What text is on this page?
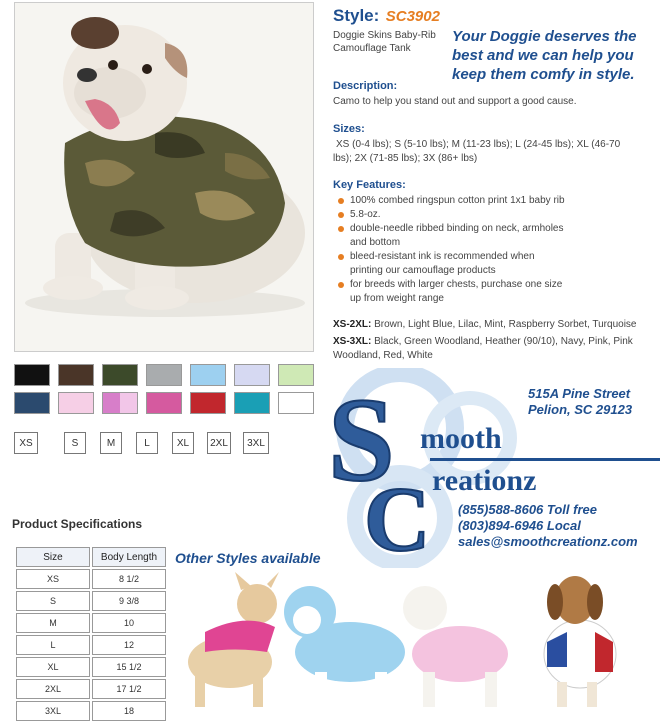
XS	S	M	L	XL	2XL	3XL
Style: SC3902
Doggie Skins Baby-Rib
Camouflage Tank
Your Doggie deserves the
best and we can help you
keep them comfy in style.
Description:
Camo to help you stand out and support a good cause.
Sizes:
XS (0-4 lbs); S (5-10 lbs); M (11-23 lbs); L (24-45 lbs); XL (46-70
lbs); 2X (71-85 lbs); 3X (86+ lbs)
Key Features:
100% combed ringspun cotton print 1x1 baby rib
5.8-oz.
double-needle ribbed binding on neck, armholes
and bottom
bleed-resistant ink is recommended when
printing our camouflage products
for breeds with larger chests, purchase one size
up from weight range
XS-2XL: Brown, Light Blue, Lilac, Mint, Raspberry Sorbet, Turquoise
XS-3XL: Black, Green Woodland, Heather (90/10), Navy, Pink, Pink
Woodland, Red, White
S
C
mooth
reationz
515A Pine Street
Pelion, SC 29123
(855)588-8606 Toll free
(803)894-6946 Local
sales@smoothcreationz.com
Product Specifications
Size	Body Length
XS	8 1/2
S	9 3/8
M	10
L	12
XL	15 1/2
2XL	17 1/2
3XL	18
Other Styles available
